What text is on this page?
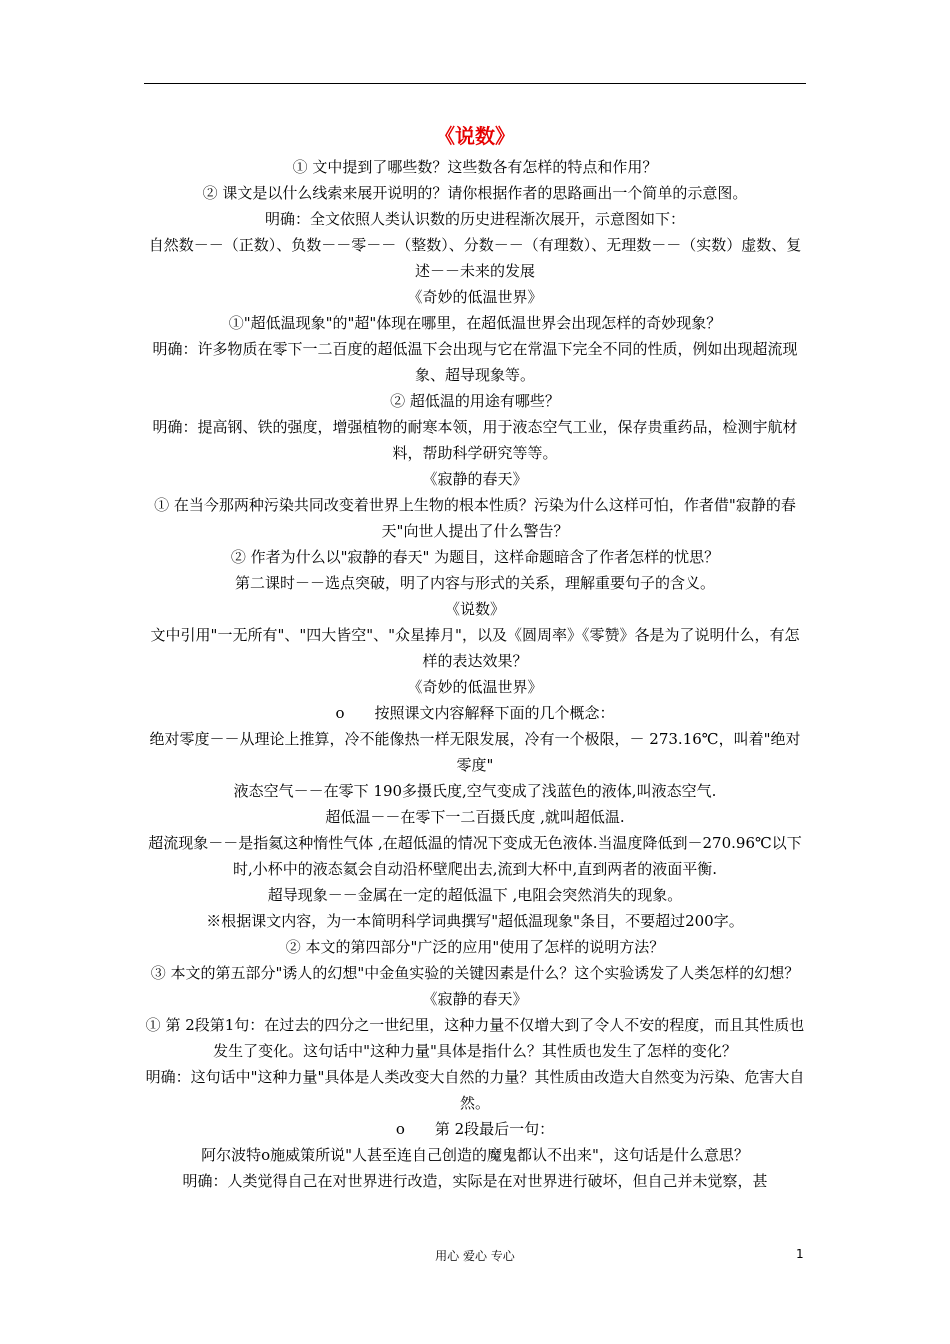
《说数》

① 文中提到了哪些数？这些数各有怎样的特点和作用？

② 课文是以什么线索来展开说明的？请你根据作者的思路画出一个简单的示意图。

明确：全文依照人类认识数的历史进程渐次展开，示意图如下：

自然数－－（正数）、负数－－零－－（整数）、分数－－（有理数）、无理数－－（实数）虚数、复述－－未来的发展

《奇妙的低温世界》

①"超低温现象"的"超"体现在哪里，在超低温世界会出现怎样的奇妙现象？

明确：许多物质在零下一二百度的超低温下会出现与它在常温下完全不同的性质，例如出现超流现象、超导现象等。

② 超低温的用途有哪些？

明确：提高钢、铁的强度，增强植物的耐寒本领，用于液态空气工业，保存贵重药品，检测宇航材料，帮助科学研究等等。

《寂静的春天》

① 在当今那两种污染共同改变着世界上生物的根本性质？污染为什么这样可怕，作者借"寂静的春天"向世人提出了什么警告？

② 作者为什么以"寂静的春天" 为题目，这样命题暗含了作者怎样的忧思？

第二课时－－选点突破，明了内容与形式的关系，理解重要句子的含义。

《说数》

文中引用"一无所有"、"四大皆空"、"众星捧月"，以及《圆周率》《零赞》各是为了说明什么，有怎样的表达效果？

《奇妙的低温世界》

o　　按照课文内容解释下面的几个概念：

绝对零度－－从理论上推算，冷不能像热一样无限发展，冷有一个极限，－ 273.16℃，叫着"绝对零度"

液态空气－－在零下 190多摄氏度,空气变成了浅蓝色的液体,叫液态空气.

超低温－－在零下一二百摄氏度 ,就叫超低温.

超流现象－－是指氦这种惰性气体 ,在超低温的情况下变成无色液体.当温度降低到－270.96℃以下时,小杯中的液态氦会自动沿杯壁爬出去,流到大杯中,直到两者的液面平衡.

超导现象－－金属在一定的超低温下 ,电阻会突然消失的现象。

※根据课文内容，为一本简明科学词典撰写"超低温现象"条目，不要超过200字。

② 本文的第四部分"广泛的应用"使用了怎样的说明方法？

③ 本文的第五部分"诱人的幻想"中金鱼实验的关键因素是什么？这个实验诱发了人类怎样的幻想？

《寂静的春天》

① 第 2段第1句：在过去的四分之一世纪里，这种力量不仅增大到了令人不安的程度，而且其性质也发生了变化。这句话中"这种力量"具体是指什么？其性质也发生了怎样的变化？

明确：这句话中"这种力量"具体是人类改变大自然的力量？其性质由改造大自然变为污染、危害大自然。

o　　第 2段最后一句：

阿尔波特o施威策所说"人甚至连自己创造的魔鬼都认不出来"，这句话是什么意思？

明确：人类觉得自己在对世界进行改造，实际是在对世界进行破坏，但自己并未觉察，甚

用心 爱心 专心	1
